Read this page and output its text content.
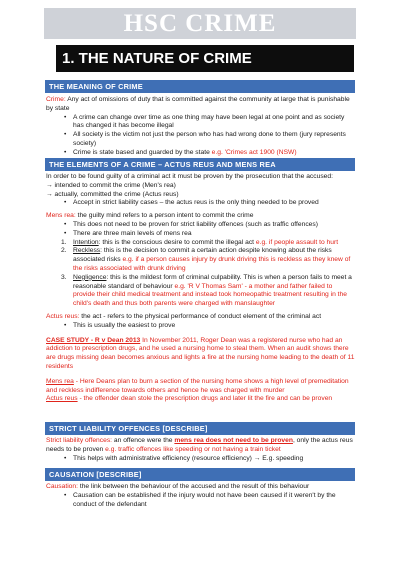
HSC CRIME
1. THE NATURE OF CRIME
THE MEANING OF CRIME

Crime: Any act of omissions of duty that is committed against the community at large that is punishable by state

• A crime can change over time as one thing may have been legal at one point and as society has changed it has become illegal
• All society is the victim not just the person who has had wrong done to them (jury represents society)
• Crime is state based and guarded by the state e.g. 'Crimes act 1900 (NSW)
THE ELEMENTS OF A CRIME – ACTUS REUS AND MENS REA

In order to be found guilty of a criminal act it must be proven by the prosecution that the accused:

→ intended to commit the crime (Men's rea)

→ actually, committed the crime (Actus reus)

• Accept in strict liability cases – the actus reus is the only thing needed to be proved

Mens rea: the guilty mind refers to a person intent to commit the crime

• This does not need to be proven for strict liability offences (such as traffic offences)
• There are three main levels of mens rea
1. Intention: this is the conscious desire to commit the illegal act e.g. if people assault to hurt
2. Reckless: this is the decision to commit a certain action despite knowing about the risks associated risks e.g. if a person causes injury by drunk driving this is reckless as they knew of the risks associated with drunk driving
3. Negligence: this is the mildest form of criminal culpability. This is when a person fails to meet a reasonable standard of behaviour e.g. 'R V Thomas Sam' - a mother and father failed to provide their child medical treatment and instead took homeopathic treatment resulting in the child's death and thus both parents were charged with manslaughter

Actus reus: the act - refers to the physical performance of conduct element of the criminal act

• This is usually the easiest to prove

CASE STUDY - R v Dean 2013 In November 2011, Roger Dean was a registered nurse who had an addiction to prescription drugs, and he used a nursing home to steal them. When an audit shows there are drugs missing dean becomes anxious and lights a fire at the nursing home leading to the death of 11 residents

Mens rea - Here Deans plan to burn a section of the nursing home shows a high level of premeditation and reckless indifference towards others and hence he was charged with murder

Actus reus - the offender dean stole the prescription drugs and later lit the fire and can be proven

STRICT LIABILITY OFFENCES [DESCRIBE]

Strict liability offences: an offence were the mens rea does not need to be proven, only the actus reus needs to be proven e.g. traffic offences like speeding or not having a train ticket

• This helps with administrative efficiency (resource efficiency) → E.g. speeding
CAUSATION [DESCRIBE]

Causation: the link between the behaviour of the accused and the result of this behaviour

• Causation can be established if the injury would not have been caused if it weren't by the conduct of the defendant
